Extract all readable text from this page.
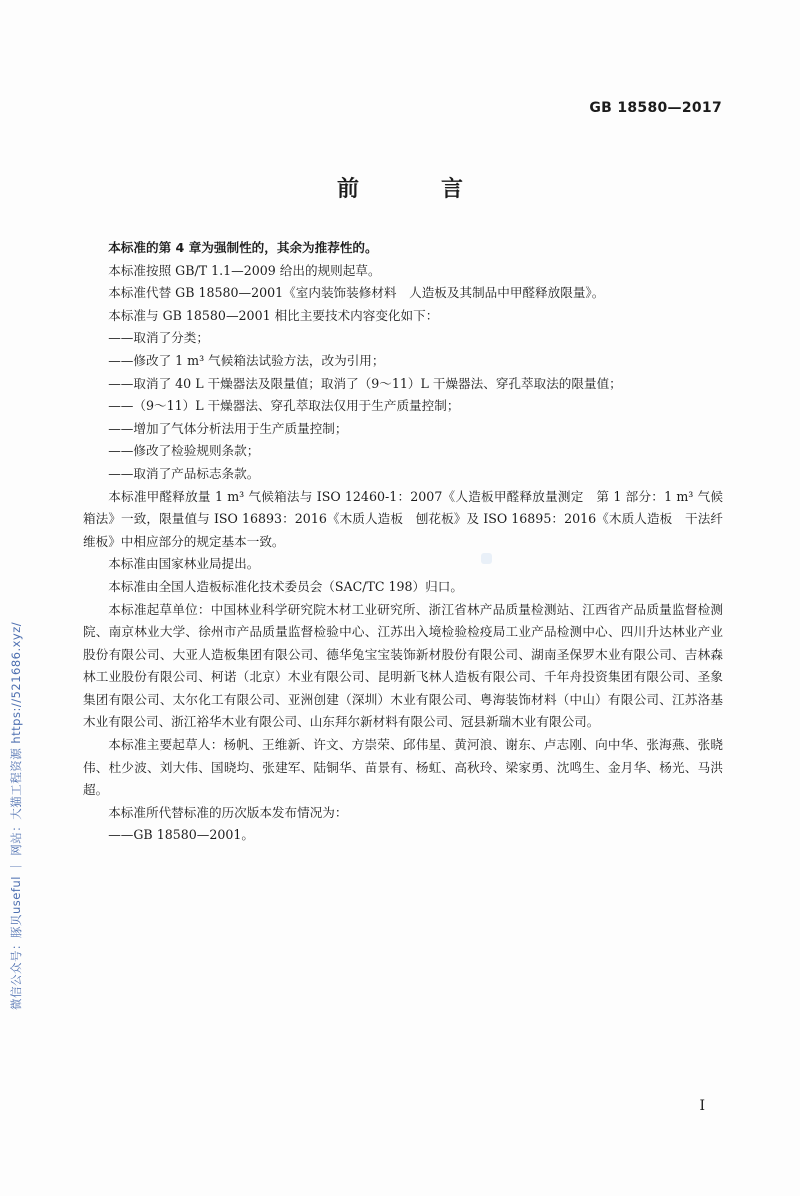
GB 18580—2017
前　言

本标准的第 4 章为强制性的，其余为推荐性的。

本标准按照 GB/T 1.1—2009 给出的规则起草。

本标准代替 GB 18580—2001《室内装饰装修材料　人造板及其制品中甲醛释放限量》。

本标准与 GB 18580—2001 相比主要技术内容变化如下：

——取消了分类；

——修改了 1 m³ 气候箱法试验方法，改为引用；

——取消了 40 L 干燥器法及限量值；取消了（9～11）L 干燥器法、穿孔萃取法的限量值；

——（9～11）L 干燥器法、穿孔萃取法仅用于生产质量控制；

——增加了气体分析法用于生产质量控制；

——修改了检验规则条款；

——取消了产品标志条款。

本标准甲醛释放量 1 m³ 气候箱法与 ISO 12460-1：2007《人造板甲醛释放量测定　第 1 部分：1 m³ 气候箱法》一致，限量值与 ISO 16893：2016《木质人造板　刨花板》及 ISO 16895：2016《木质人造板　干法纤维板》中相应部分的规定基本一致。

本标准由国家林业局提出。

本标准由全国人造板标准化技术委员会（SAC/TC 198）归口。

本标准起草单位：中国林业科学研究院木材工业研究所、浙江省林产品质量检测站、江西省产品质量监督检测院、南京林业大学、徐州市产品质量监督检验中心、江苏出入境检验检疫局工业产品检测中心、四川升达林业产业股份有限公司、大亚人造板集团有限公司、德华兔宝宝装饰新材股份有限公司、湖南圣保罗木业有限公司、吉林森林工业股份有限公司、柯诺（北京）木业有限公司、昆明新飞林人造板有限公司、千年舟投资集团有限公司、圣象集团有限公司、太尔化工有限公司、亚洲创建（深圳）木业有限公司、粤海装饰材料（中山）有限公司、江苏洛基木业有限公司、浙江裕华木业有限公司、山东拜尔新材料有限公司、冠县新瑞木业有限公司。

本标准主要起草人：杨帆、王维新、许文、方崇荣、邱伟星、黄河浪、谢东、卢志刚、向中华、张海燕、张晓伟、杜少波、刘大伟、国晓均、张建军、陆铜华、苗景有、杨虹、高秋玲、梁家勇、沈鸣生、金月华、杨光、马洪超。

本标准所代替标准的历次版本发布情况为：

——GB 18580—2001。

I
微信公众号：豚贝useful ｜ 网站：大猫工程资源 https://521686.xyz/
